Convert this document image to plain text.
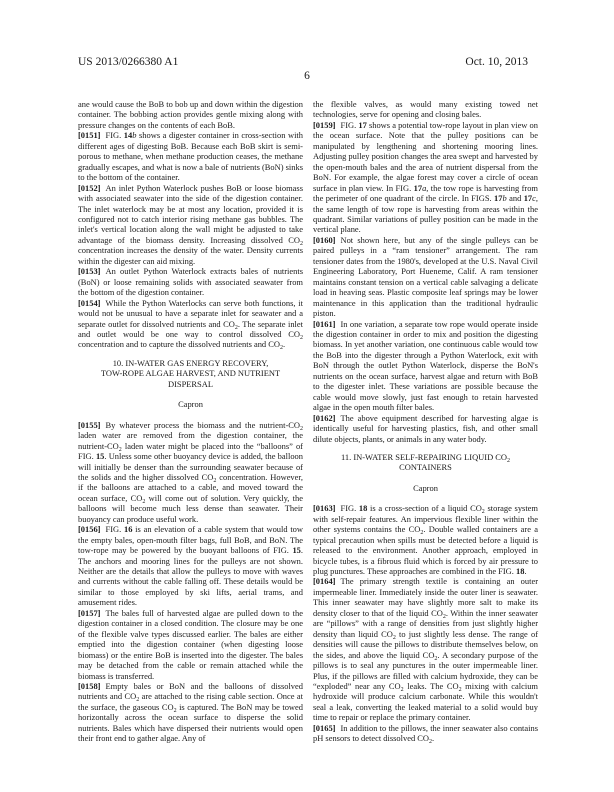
US 2013/0266380 A1	Oct. 10, 2013
6

ane would cause the BoB to bob up and down within the digestion container. The bobbing action provides gentle mixing along with pressure changes on the contents of each BoB.

[0151] FIG. 14b shows a digester container in cross-section with different ages of digesting BoB. Because each BoB skirt is semi-porous to methane, when methane production ceases, the methane gradually escapes, and what is now a bale of nutrients (BoN) sinks to the bottom of the container.

[0152] An inlet Python Waterlock pushes BoB or loose biomass with associated seawater into the side of the digestion container. The inlet waterlock may be at most any location, provided it is configured not to catch interior rising methane gas bubbles. The inlet's vertical location along the wall might be adjusted to take advantage of the biomass density. Increasing dissolved $CO_2$ concentration increases the density of the water. Density currents within the digester can aid mixing.

[0153] An outlet Python Waterlock extracts bales of nutrients (BoN) or loose remaining solids with associated seawater from the bottom of the digestion container.

[0154] While the Python Waterlocks can serve both functions, it would not be unusual to have a separate inlet for seawater and a separate outlet for dissolved nutrients and $CO_2$. The separate inlet and outlet would be one way to control dissolved $CO_2$ concentration and to capture the dissolved nutrients and $CO_2$.

10. IN-WATER GAS ENERGY RECOVERY,
TOW-ROPE ALGAE HARVEST, AND NUTRIENT
DISPERSAL
Capron

[0155] By whatever process the biomass and the nutrient-$CO_2$ laden water are removed from the digestion container, the nutrient-$CO_2$ laden water might be placed into the “balloons” of FIG. 15. Unless some other buoyancy device is added, the balloon will initially be denser than the surrounding seawater because of the solids and the higher dissolved $CO_2$ concentration. However, if the balloons are attached to a cable, and moved toward the ocean surface, $CO_2$ will come out of solution. Very quickly, the balloons will become much less dense than seawater. Their buoyancy can produce useful work.

[0156] FIG. 16 is an elevation of a cable system that would tow the empty bales, open-mouth filter bags, full BoB, and BoN. The tow-rope may be powered by the buoyant balloons of FIG. 15. The anchors and mooring lines for the pulleys are not shown. Neither are the details that allow the pulleys to move with waves and currents without the cable falling off. These details would be similar to those employed by ski lifts, aerial trams, and amusement rides.

[0157] The bales full of harvested algae are pulled down to the digestion container in a closed condition. The closure may be one of the flexible valve types discussed earlier. The bales are either emptied into the digestion container (when digesting loose biomass) or the entire BoB is inserted into the digester. The bales may be detached from the cable or remain attached while the biomass is transferred.

[0158] Empty bales or BoN and the balloons of dissolved nutrients and $CO_2$ are attached to the rising cable section. Once at the surface, the gaseous $CO_2$ is captured. The BoN may be towed horizontally across the ocean surface to disperse the solid nutrients. Bales which have dispersed their nutrients would open their front end to gather algae. Any of

the flexible valves, as would many existing towed net technologies, serve for opening and closing bales.

[0159] FIG. 17 shows a potential tow-rope layout in plan view on the ocean surface. Note that the pulley positions can be manipulated by lengthening and shortening mooring lines. Adjusting pulley position changes the area swept and harvested by the open-mouth bales and the area of nutrient dispersal from the BoN. For example, the algae forest may cover a circle of ocean surface in plan view. In FIG. 17a, the tow rope is harvesting from the perimeter of one quadrant of the circle. In FIGS. 17b and 17c, the same length of tow rope is harvesting from areas within the quadrant. Similar variations of pulley position can be made in the vertical plane.

[0160] Not shown here, but any of the single pulleys can be paired pulleys in a “ram tensioner” arrangement. The ram tensioner dates from the 1980's, developed at the U.S. Naval Civil Engineering Laboratory, Port Hueneme, Calif. A ram tensioner maintains constant tension on a vertical cable salvaging a delicate load in heaving seas. Plastic composite leaf springs may be lower maintenance in this application than the traditional hydraulic piston.

[0161] In one variation, a separate tow rope would operate inside the digestion container in order to mix and position the digesting biomass. In yet another variation, one continuous cable would tow the BoB into the digester through a Python Waterlock, exit with BoN through the outlet Python Waterlock, disperse the BoN's nutrients on the ocean surface, harvest algae and return with BoB to the digester inlet. These variations are possible because the cable would move slowly, just fast enough to retain harvested algae in the open mouth filter bales.

[0162] The above equipment described for harvesting algae is identically useful for harvesting plastics, fish, and other small dilute objects, plants, or animals in any water body.

11. IN-WATER SELF-REPAIRING LIQUID $CO_2$
CONTAINERS
Capron

[0163] FIG. 18 is a cross-section of a liquid $CO_2$ storage system with self-repair features. An impervious flexible liner within the other systems contains the $CO_2$. Double walled containers are a typical precaution when spills must be detected before a liquid is released to the environment. Another approach, employed in bicycle tubes, is a fibrous fluid which is forced by air pressure to plug punctures. These approaches are combined in the FIG. 18.

[0164] The primary strength textile is containing an outer impermeable liner. Immediately inside the outer liner is seawater. This inner seawater may have slightly more salt to make its density closer to that of the liquid $CO_2$. Within the inner seawater are “pillows” with a range of densities from just slightly higher density than liquid $CO_2$ to just slightly less dense. The range of densities will cause the pillows to distribute themselves below, on the sides, and above the liquid $CO_2$. A secondary purpose of the pillows is to seal any punctures in the outer impermeable liner. Plus, if the pillows are filled with calcium hydroxide, they can be “exploded” near any $CO_2$ leaks. The $CO_2$ mixing with calcium hydroxide will produce calcium carbonate. While this wouldn't seal a leak, converting the leaked material to a solid would buy time to repair or replace the primary container.

[0165] In addition to the pillows, the inner seawater also contains pH sensors to detect dissolved $CO_2$.
